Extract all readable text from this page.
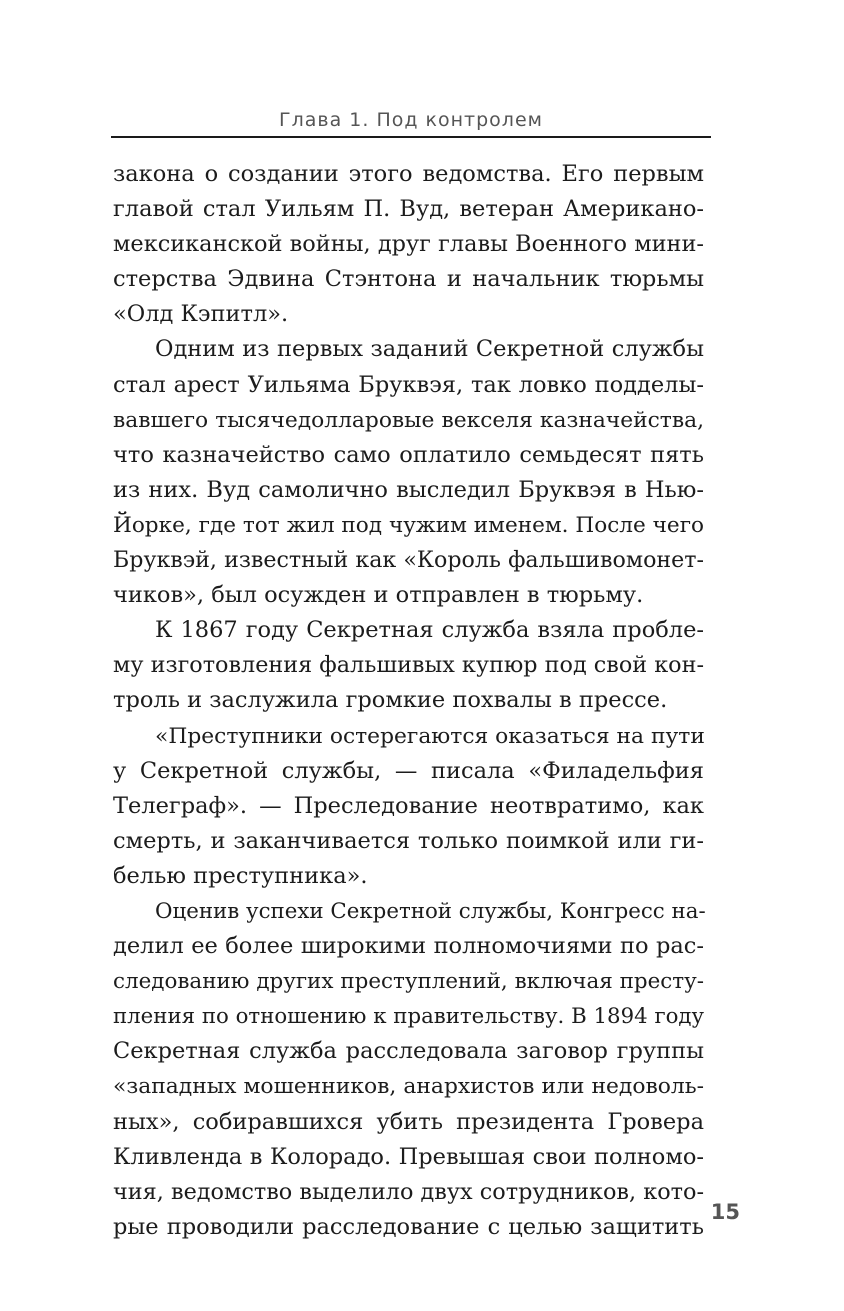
Глава 1. Под контролем
закона о создании этого ведомства. Его первым
главой стал Уильям П. Вуд, ветеран Американо-
мексиканской войны, друг главы Военного мини-
стерства Эдвина Стэнтона и начальник тюрьмы
«Олд Кэпитл».
Одним из первых заданий Секретной службы
стал арест Уильяма Бруквэя, так ловко подделы-
вавшего тысячедолларовые векселя казначейства,
что казначейство само оплатило семьдесят пять
из них. Вуд самолично выследил Бруквэя в Нью-
Йорке, где тот жил под чужим именем. После чего
Бруквэй, известный как «Король фальшивомонет-
чиков», был осужден и отправлен в тюрьму.
К 1867 году Секретная служба взяла пробле-
му изготовления фальшивых купюр под свой кон-
троль и заслужила громкие похвалы в прессе.
«Преступники остерегаются оказаться на пути
у Секретной службы, — писала «Филадельфия
Телеграф». — Преследование неотвратимо, как
смерть, и заканчивается только поимкой или ги-
белью преступника».
Оценив успехи Секретной службы, Конгресс на-
делил ее более широкими полномочиями по рас-
следованию других преступлений, включая престу-
пления по отношению к правительству. В 1894 году
Секретная служба расследовала заговор группы
«западных мошенников, анархистов или недоволь-
ных», собиравшихся убить президента Гровера
Кливленда в Колорадо. Превышая свои полномо-
чия, ведомство выделило двух сотрудников, кото-
рые проводили расследование с целью защитить
15
